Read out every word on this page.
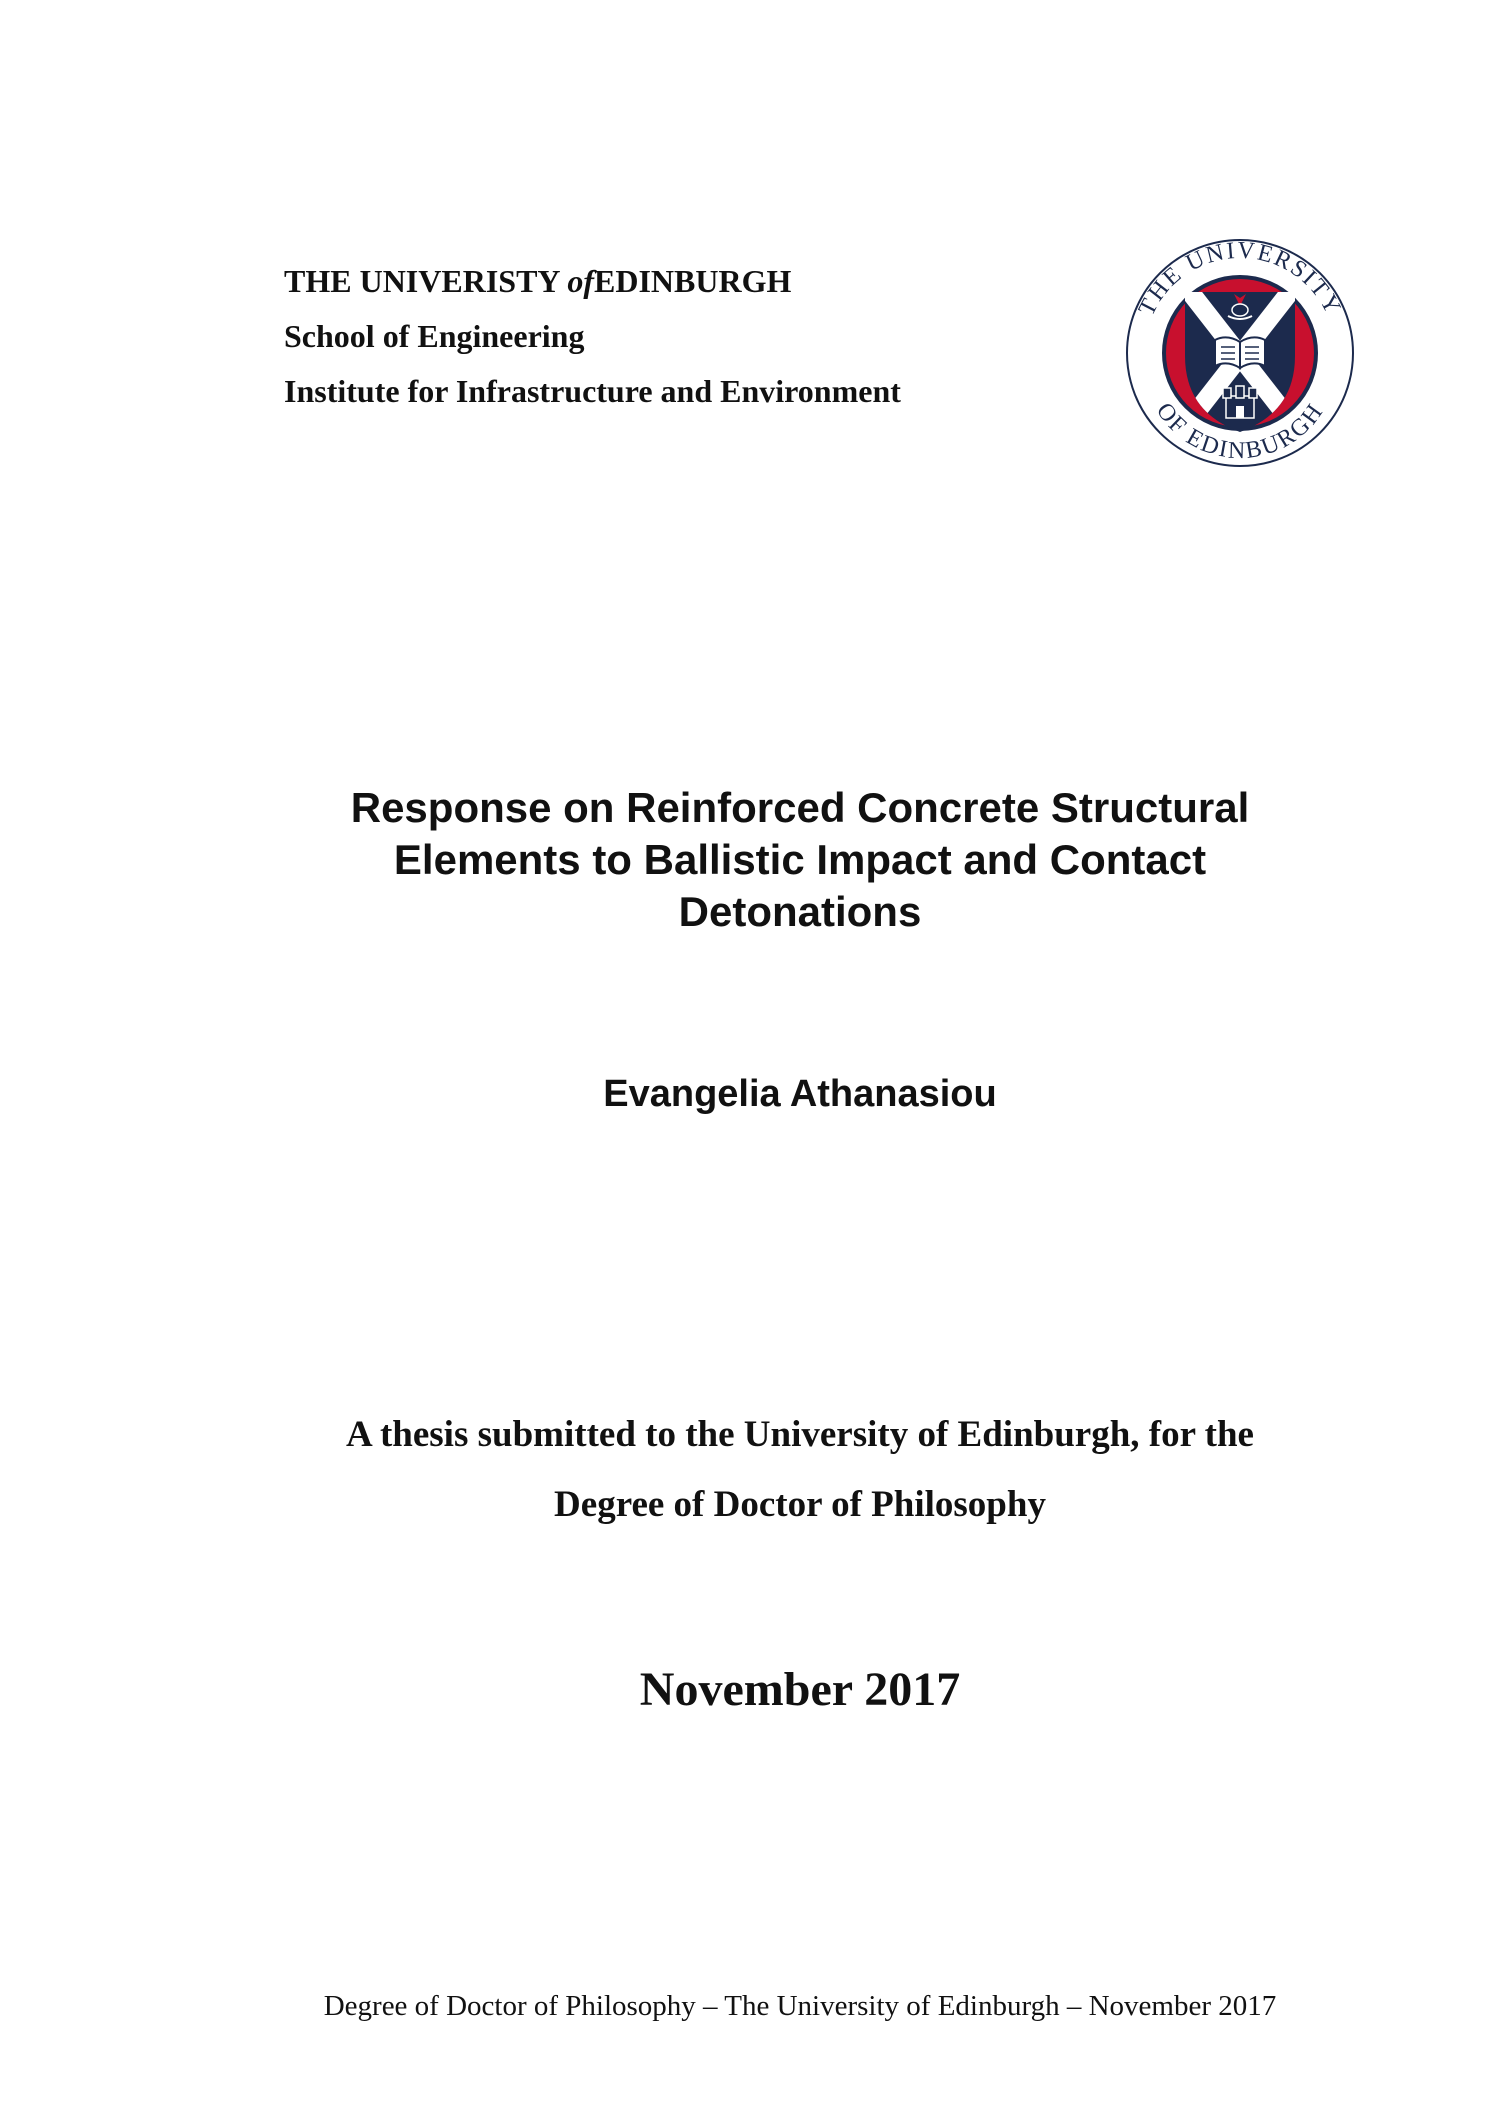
THE UNIVERISTY ofEDINBURGH
School of Engineering
Institute for Infrastructure and Environment
THE UNIVERSITY
OF EDINBURGH
Response on Reinforced Concrete Structural
Elements to Ballistic Impact and Contact
Detonations
Evangelia Athanasiou
A thesis submitted to the University of Edinburgh, for the
Degree of Doctor of Philosophy
November 2017
Degree of Doctor of Philosophy – The University of Edinburgh – November 2017
